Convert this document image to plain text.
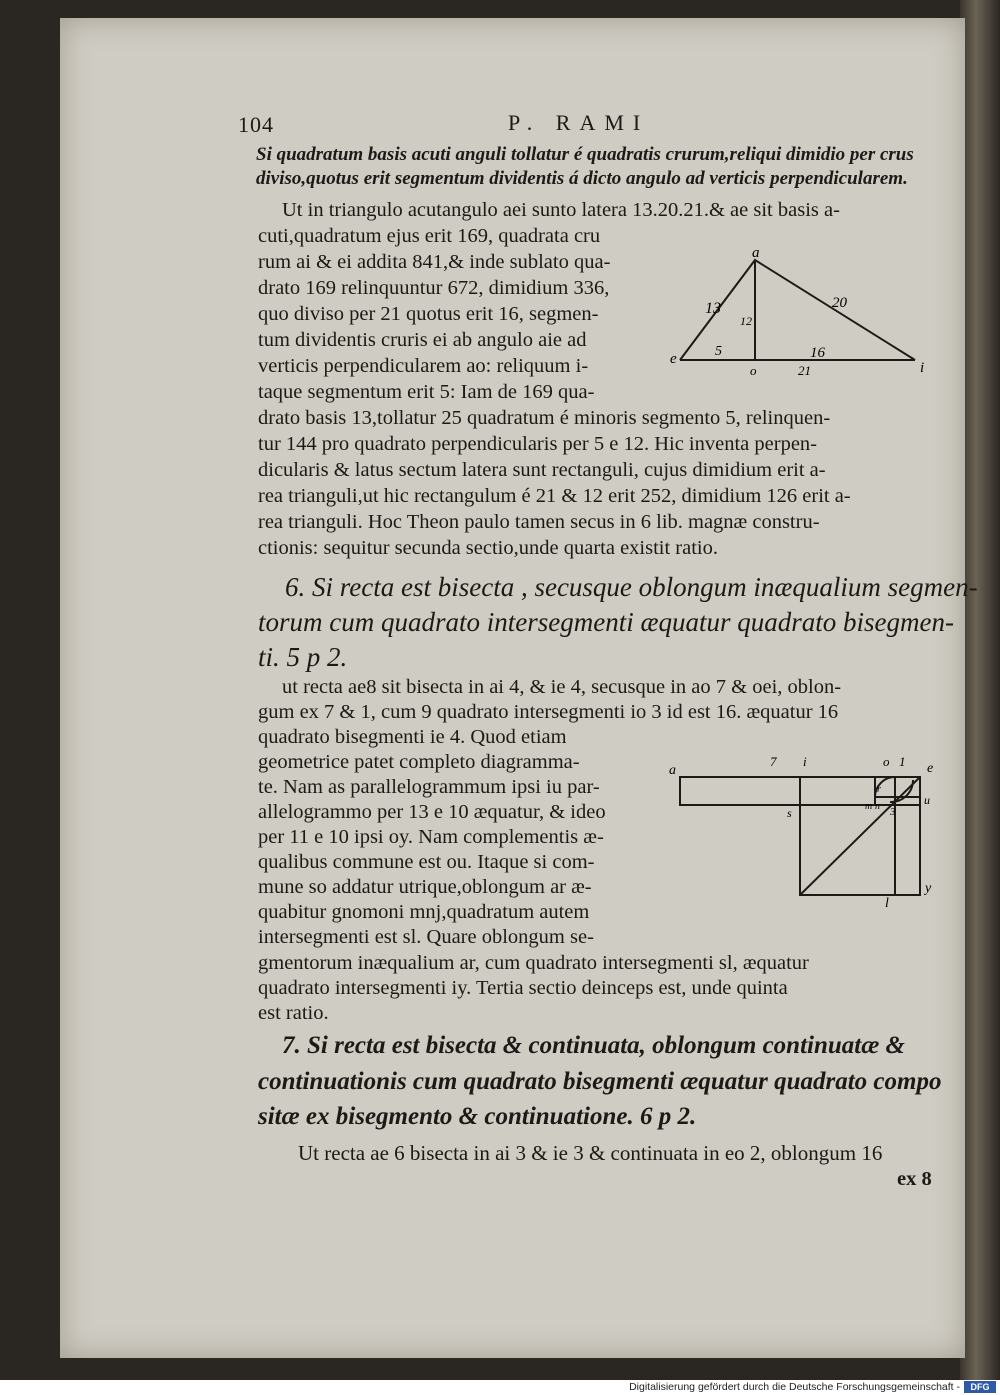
104	P. RAMI
Si quadratum basis acuti anguli tollatur é quadratis crurum,reliqui dimidio per crus
diviso,quotus erit segmentum dividentis á dicto angulo ad verticis perpendicularem.
Ut in triangulo acutangulo aei sunto latera 13.20.21.& ae sit basis a-
cuti,quadratum ejus erit 169, quadrata cru
rum ai & ei addita 841,& inde sublato qua-
drato 169 relinquuntur 672, dimidium 336,
quo diviso per 21 quotus erit 16, segmen-
tum dividentis cruris ei ab angulo aie ad
verticis perpendicularem ao: reliquum i-
taque segmentum erit 5: Iam de 169 qua-
drato basis 13,tollatur 25 quadratum é minoris segmento 5, relinquen-
tur 144 pro quadrato perpendicularis per 5 e 12. Hic inventa perpen-
dicularis & latus sectum latera sunt rectanguli, cujus dimidium erit a-
rea trianguli,ut hic rectangulum é 21 & 12 erit 252, dimidium 126 erit a-
rea trianguli. Hoc Theon paulo tamen secus in 6 lib. magnæ constru-
ctionis: sequitur secunda sectio,unde quarta existit ratio.
a
e
i
o
13	20
12
5	16
21
6. Si recta est bisecta , secusque oblongum inæqualium segmen-
torum cum quadrato intersegmenti æquatur quadrato bisegmen-
ti. 5 p 2.
ut recta ae8 sit bisecta in ai 4, & ie 4, secusque in ao 7 & oei, oblon-
gum ex 7 & 1, cum 9 quadrato intersegmenti io 3 id est 16. æquatur 16
quadrato bisegmenti ie 4. Quod etiam
geometrice patet completo diagramma-
te. Nam as parallelogrammum ipsi iu par-
allelogrammo per 13 e 10 æquatur, & ideo
per 11 e 10 ipsi oy. Nam complementis æ-
qualibus commune est ou. Itaque si com-
mune so addatur utrique,oblongum ar æ-
quabitur gnomoni mnj,quadratum autem
intersegmenti est sl. Quare oblongum se-
gmentorum inæqualium ar, cum quadrato intersegmenti sl, æquatur
quadrato intersegmenti iy. Tertia sectio deinceps est, unde quinta
est ratio.
a	e
7 i	o 1
s
u
r
m n 3
y
l
7. Si recta est bisecta & continuata, oblongum continuatæ &
continuationis cum quadrato bisegmenti æquatur quadrato compo
sitæ ex bisegmento & continuatione. 6 p 2.
Ut recta ae 6 bisecta in ai 3 & ie 3 & continuata in eo 2, oblongum 16
ex 8
Digitalisierung gefördert durch die Deutsche Forschungsgemeinschaft -	DFG
